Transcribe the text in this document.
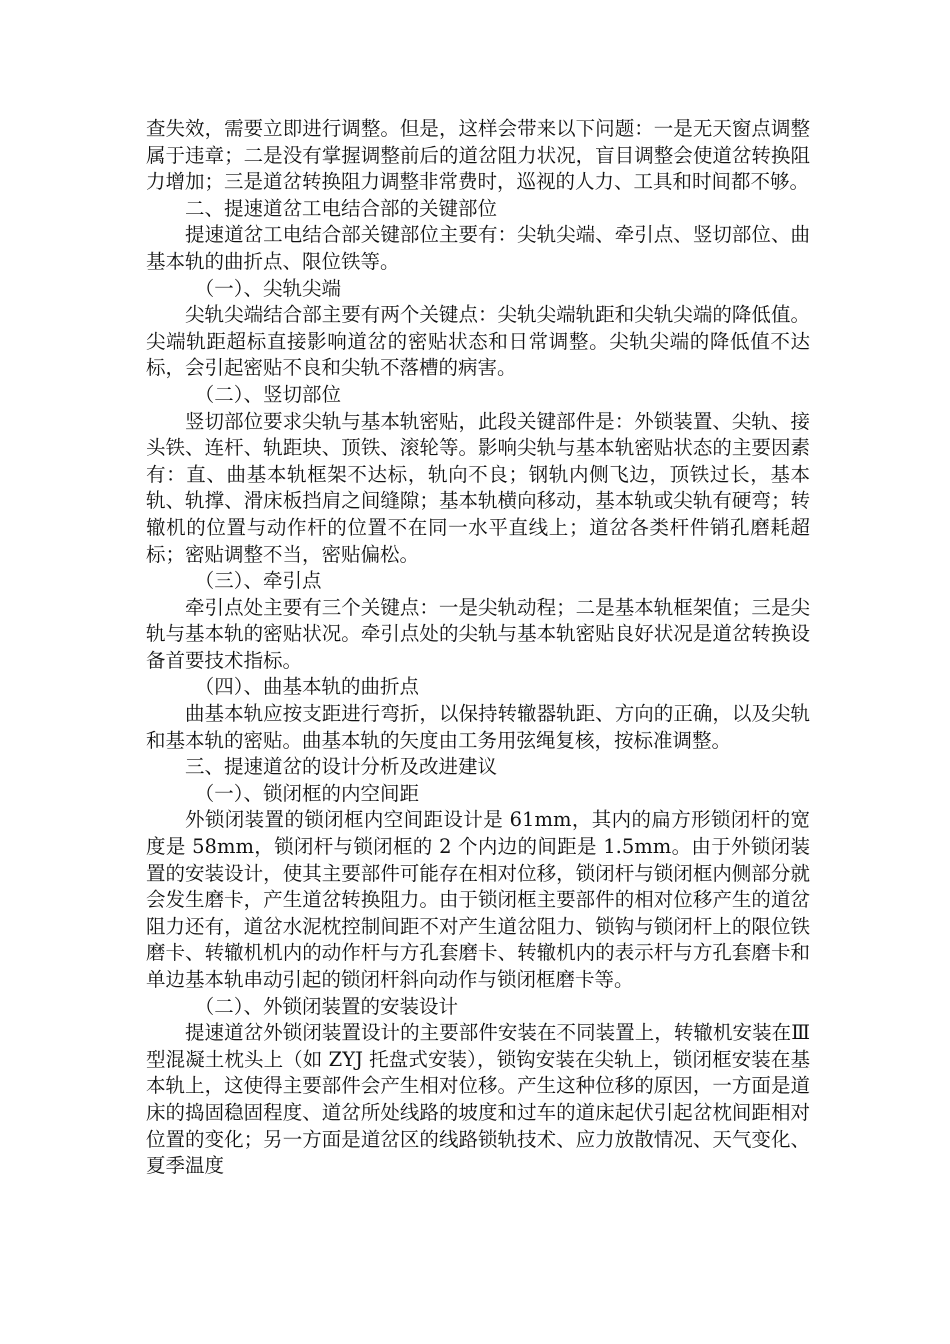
查失效，需要立即进行调整。但是，这样会带来以下问题：一是无天窗点调整属于违章；二是没有掌握调整前后的道岔阻力状况，盲目调整会使道岔转换阻力增加；三是道岔转换阻力调整非常费时，巡视的人力、工具和时间都不够。

二、提速道岔工电结合部的关键部位

提速道岔工电结合部关键部位主要有：尖轨尖端、牵引点、竖切部位、曲基本轨的曲折点、限位铁等。

（一）、尖轨尖端

尖轨尖端结合部主要有两个关键点：尖轨尖端轨距和尖轨尖端的降低值。尖端轨距超标直接影响道岔的密贴状态和日常调整。尖轨尖端的降低值不达标，会引起密贴不良和尖轨不落槽的病害。

（二）、竖切部位

竖切部位要求尖轨与基本轨密贴，此段关键部件是：外锁装置、尖轨、接头铁、连杆、轨距块、顶铁、滚轮等。影响尖轨与基本轨密贴状态的主要因素有：直、曲基本轨框架不达标，轨向不良；钢轨内侧飞边，顶铁过长，基本轨、轨撑、滑床板挡肩之间缝隙；基本轨横向移动，基本轨或尖轨有硬弯；转辙机的位置与动作杆的位置不在同一水平直线上；道岔各类杆件销孔磨耗超标；密贴调整不当，密贴偏松。

（三）、牵引点

牵引点处主要有三个关键点：一是尖轨动程；二是基本轨框架值；三是尖轨与基本轨的密贴状况。牵引点处的尖轨与基本轨密贴良好状况是道岔转换设备首要技术指标。

（四）、曲基本轨的曲折点

曲基本轨应按支距进行弯折，以保持转辙器轨距、方向的正确，以及尖轨和基本轨的密贴。曲基本轨的矢度由工务用弦绳复核，按标准调整。

三、提速道岔的设计分析及改进建议

（一）、锁闭框的内空间距

外锁闭装置的锁闭框内空间距设计是 61mm，其内的扁方形锁闭杆的宽度是 58mm，锁闭杆与锁闭框的 2 个内边的间距是 1.5mm。由于外锁闭装置的安装设计，使其主要部件可能存在相对位移，锁闭杆与锁闭框内侧部分就会发生磨卡，产生道岔转换阻力。由于锁闭框主要部件的相对位移产生的道岔阻力还有，道岔水泥枕控制间距不对产生道岔阻力、锁钩与锁闭杆上的限位铁磨卡、转辙机机内的动作杆与方孔套磨卡、转辙机内的表示杆与方孔套磨卡和单边基本轨串动引起的锁闭杆斜向动作与锁闭框磨卡等。

（二）、外锁闭装置的安装设计

提速道岔外锁闭装置设计的主要部件安装在不同装置上，转辙机安装在Ⅲ型混凝土枕头上（如 ZYJ 托盘式安装），锁钩安装在尖轨上，锁闭框安装在基本轨上，这使得主要部件会产生相对位移。产生这种位移的原因，一方面是道床的捣固稳固程度、道岔所处线路的坡度和过车的道床起伏引起岔枕间距相对位置的变化；另一方面是道岔区的线路锁轨技术、应力放散情况、天气变化、夏季温度
